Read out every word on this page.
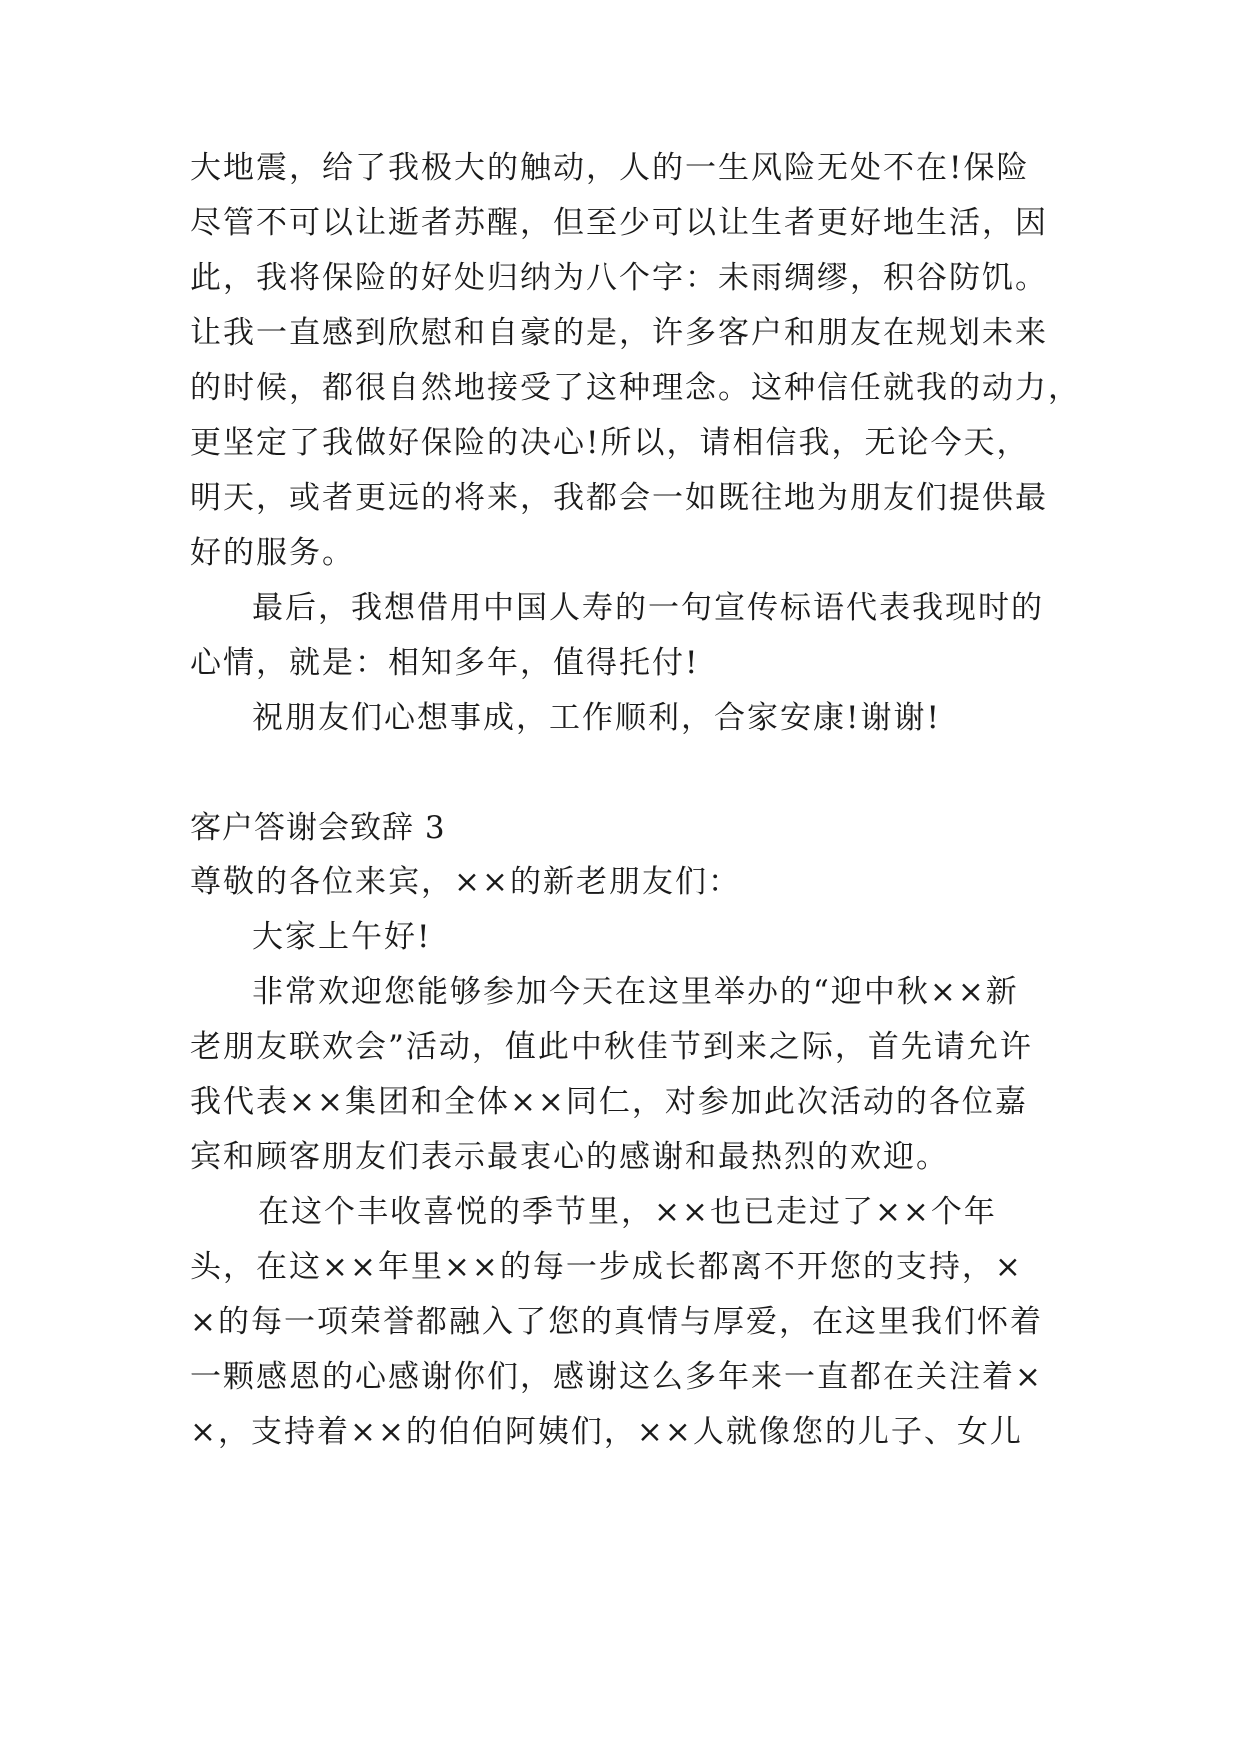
大地震，给了我极大的触动，人的一生风险无处不在!保险
尽管不可以让逝者苏醒，但至少可以让生者更好地生活，因
此，我将保险的好处归纳为八个字：未雨绸缪，积谷防饥。
让我一直感到欣慰和自豪的是，许多客户和朋友在规划未来
的时候，都很自然地接受了这种理念。这种信任就我的动力，
更坚定了我做好保险的决心!所以，请相信我，无论今天，
明天，或者更远的将来，我都会一如既往地为朋友们提供最
好的服务。
最后，我想借用中国人寿的一句宣传标语代表我现时的
心情，就是：相知多年，值得托付!
祝朋友们心想事成，工作顺利，合家安康!谢谢!
客户答谢会致辞 3
尊敬的各位来宾，××的新老朋友们：
大家上午好!
非常欢迎您能够参加今天在这里举办的“迎中秋××新
老朋友联欢会”活动，值此中秋佳节到来之际，首先请允许
我代表××集团和全体××同仁，对参加此次活动的各位嘉
宾和顾客朋友们表示最衷心的感谢和最热烈的欢迎。
在这个丰收喜悦的季节里，××也已走过了××个年
头，在这××年里××的每一步成长都离不开您的支持，×
×的每一项荣誉都融入了您的真情与厚爱，在这里我们怀着
一颗感恩的心感谢你们，感谢这么多年来一直都在关注着×
×，支持着××的伯伯阿姨们，××人就像您的儿子、女儿
